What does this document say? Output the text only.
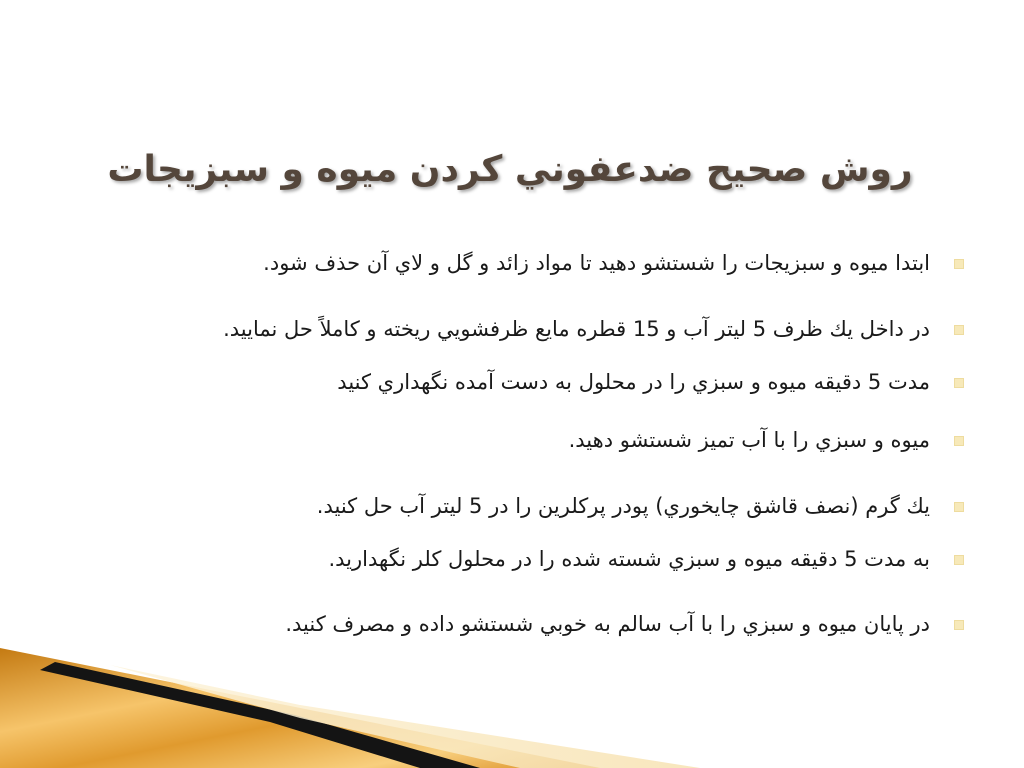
روش صحيح ضدعفوني كردن ميوه و سبزيجات
ابتدا ميوه و سبزيجات را شستشو دهيد تا مواد زائد و گل و لاي آن حذف شود.
در داخل يك ظرف 5 ليتر آب و 15 قطره مايع ظرفشويي ريخته و كاملاً حل نماييد.
مدت 5 دقيقه ميوه و سبزي را در محلول به دست آمده نگهداري كنيد
ميوه و سبزي را با آب تميز شستشو دهيد.
يك گرم (نصف قاشق چايخوري) پودر پركلرين را در 5 ليتر آب حل كنيد.
به مدت 5 دقيقه ميوه و سبزي شسته شده را در محلول كلر نگهداريد.
در پايان ميوه و سبزي را با آب سالم به خوبي شستشو داده و مصرف كنيد.
